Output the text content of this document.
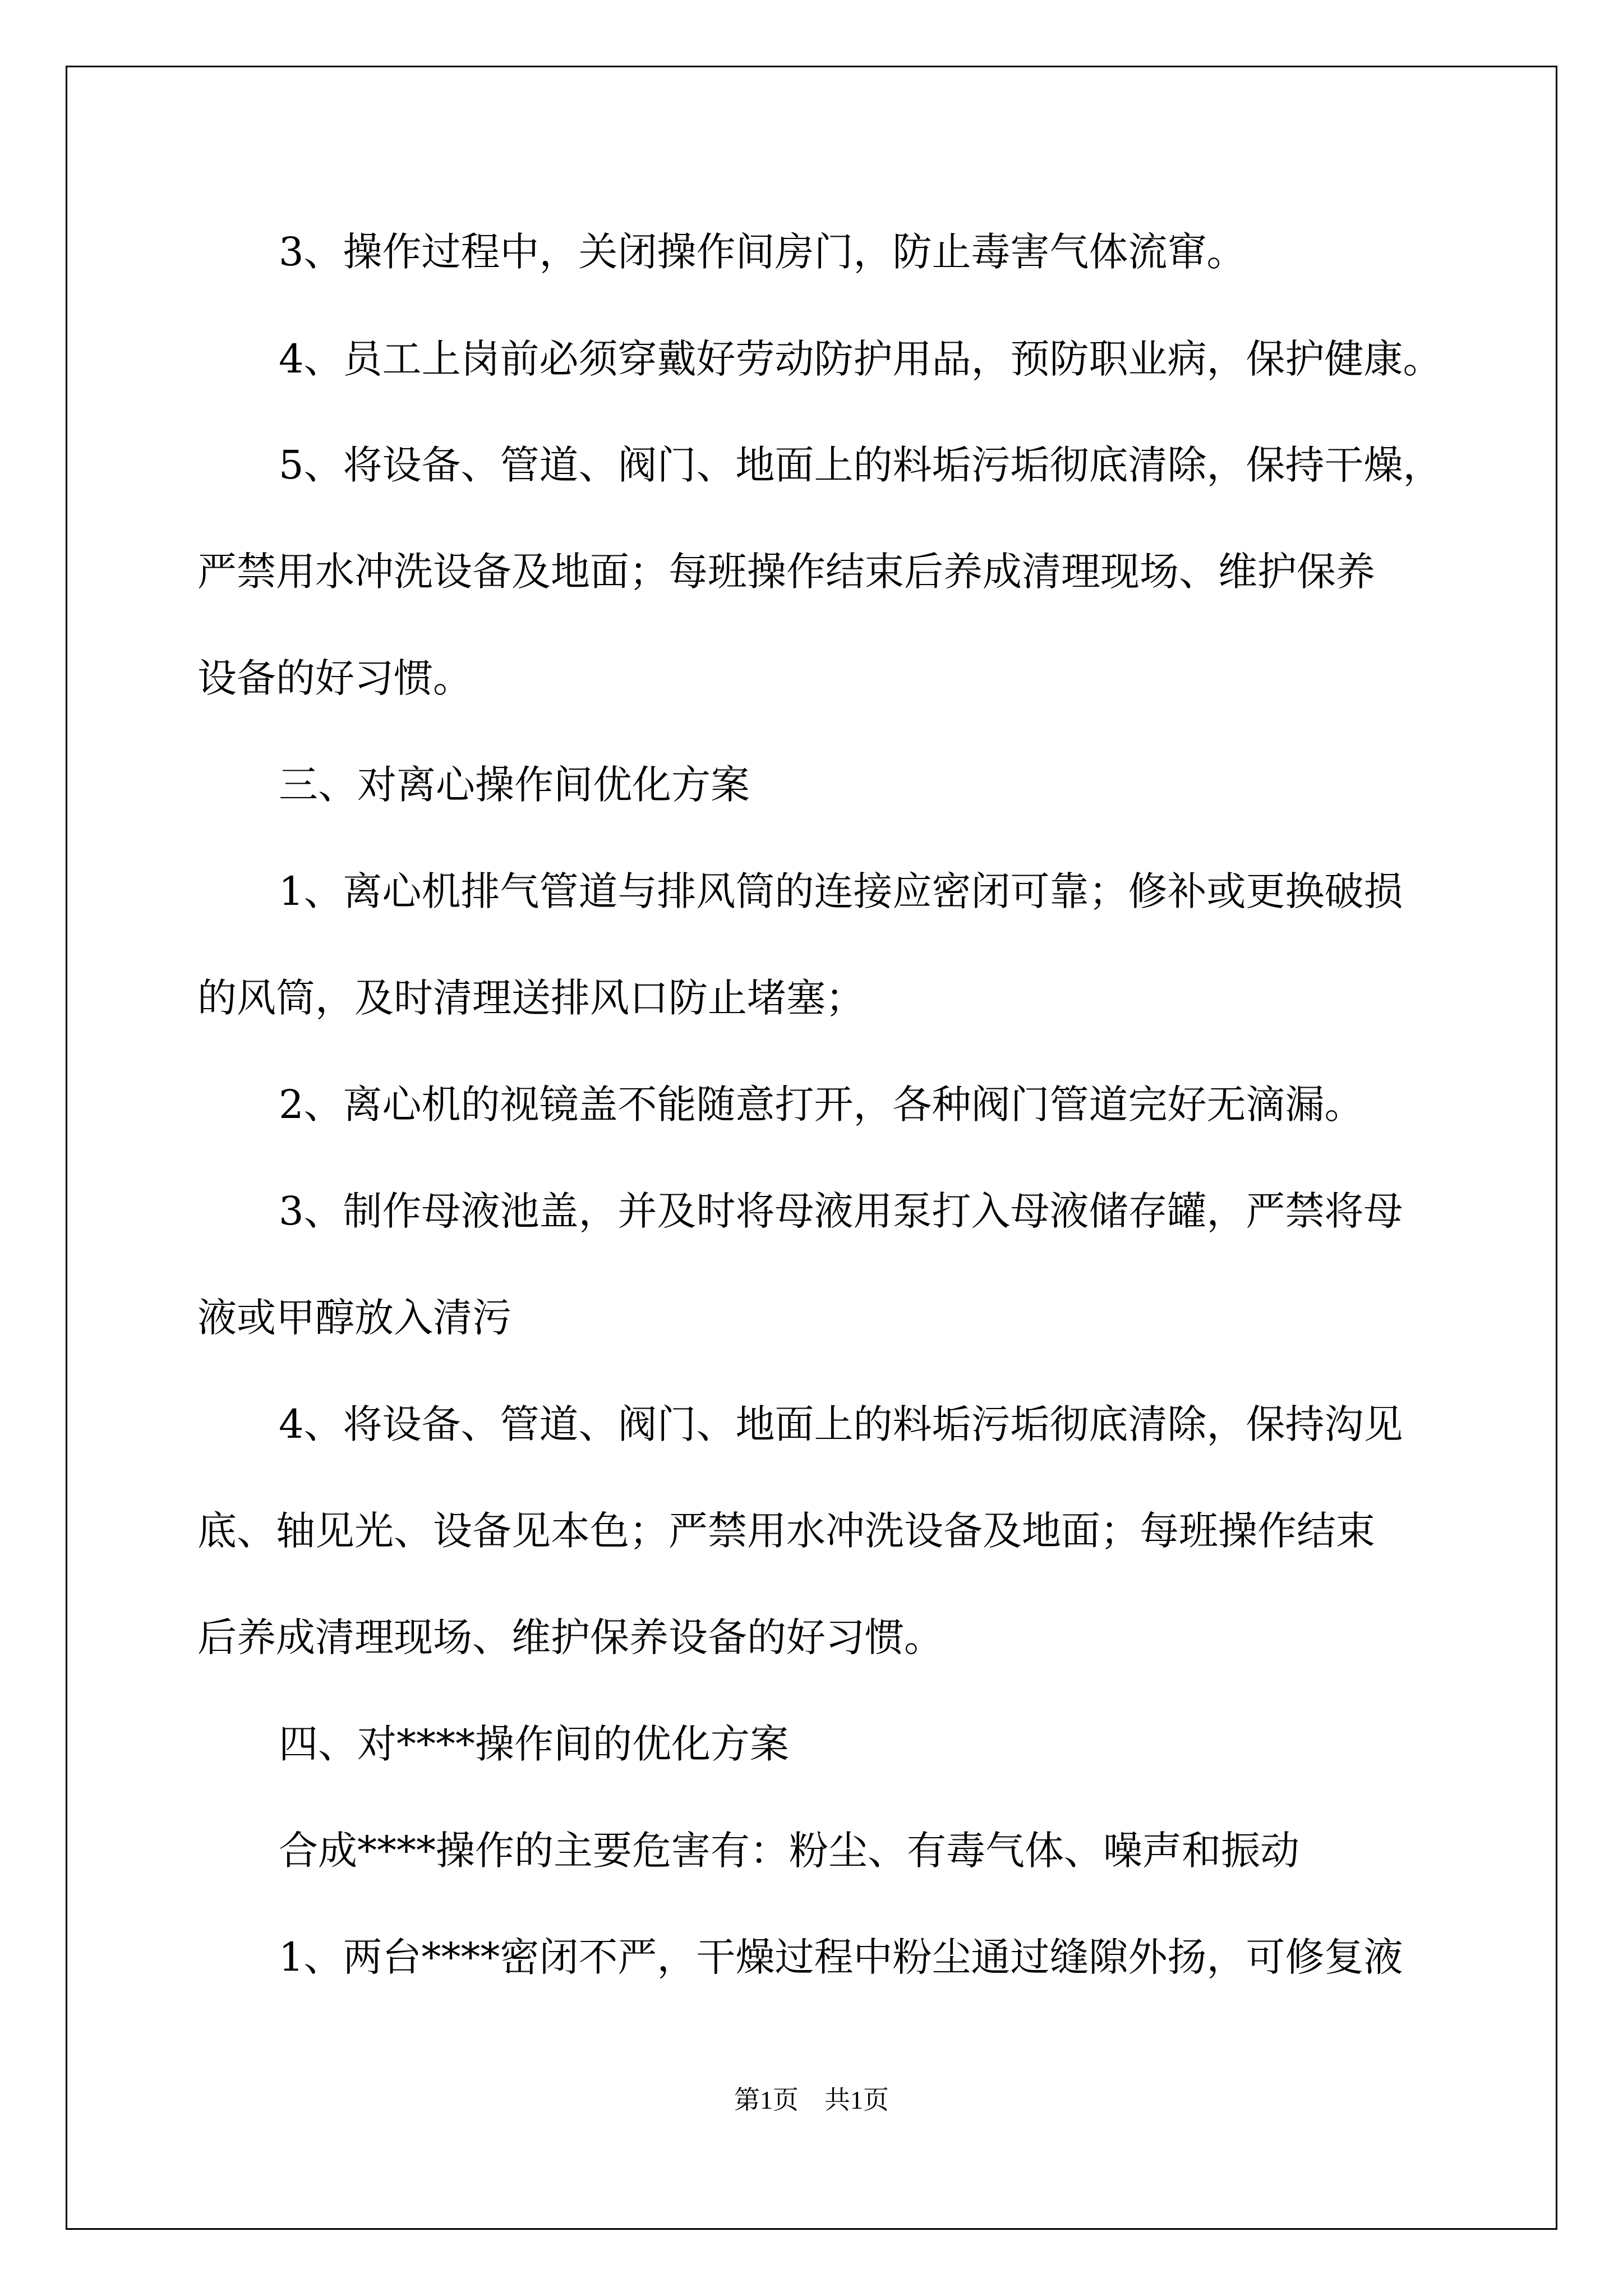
3、操作过程中，关闭操作间房门，防止毒害气体流窜。
4、员工上岗前必须穿戴好劳动防护用品，预防职业病，保护健康。
5、将设备、管道、阀门、地面上的料垢污垢彻底清除，保持干燥，
严禁用水冲洗设备及地面；每班操作结束后养成清理现场、维护保养
设备的好习惯。
三、对离心操作间优化方案
1、离心机排气管道与排风筒的连接应密闭可靠；修补或更换破损
的风筒，及时清理送排风口防止堵塞；
2、离心机的视镜盖不能随意打开，各种阀门管道完好无滴漏。
3、制作母液池盖，并及时将母液用泵打入母液储存罐，严禁将母
液或甲醇放入清污
4、将设备、管道、阀门、地面上的料垢污垢彻底清除，保持沟见
底、轴见光、设备见本色；严禁用水冲洗设备及地面；每班操作结束
后养成清理现场、维护保养设备的好习惯。
四、对****操作间的优化方案
合成****操作的主要危害有：粉尘、有毒气体、噪声和振动
1、两台****密闭不严，干燥过程中粉尘通过缝隙外扬，可修复液
第1页　共1页
